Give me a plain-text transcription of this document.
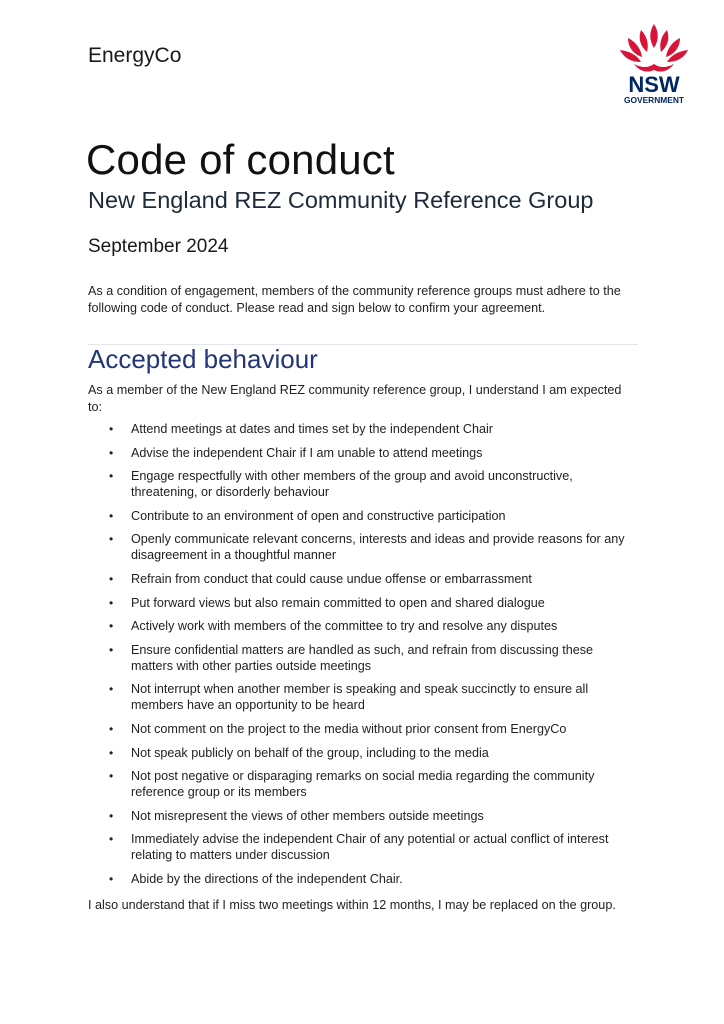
EnergyCo
NSW
GOVERNMENT
Code of conduct
New England REZ Community Reference Group
September 2024

As a condition of engagement, members of the community reference groups must adhere to the following code of conduct. Please read and sign below to confirm your agreement.

Accepted behaviour

As a member of the New England REZ community reference group, I understand I am expected to:

• Attend meetings at dates and times set by the independent Chair
• Advise the independent Chair if I am unable to attend meetings
• Engage respectfully with other members of the group and avoid unconstructive, threatening, or disorderly behaviour
• Contribute to an environment of open and constructive participation
• Openly communicate relevant concerns, interests and ideas and provide reasons for any disagreement in a thoughtful manner
• Refrain from conduct that could cause undue offense or embarrassment
• Put forward views but also remain committed to open and shared dialogue
• Actively work with members of the committee to try and resolve any disputes
• Ensure confidential matters are handled as such, and refrain from discussing these matters with other parties outside meetings
• Not interrupt when another member is speaking and speak succinctly to ensure all members have an opportunity to be heard
• Not comment on the project to the media without prior consent from EnergyCo
• Not speak publicly on behalf of the group, including to the media
• Not post negative or disparaging remarks on social media regarding the community reference group or its members
• Not misrepresent the views of other members outside meetings
• Immediately advise the independent Chair of any potential or actual conflict of interest relating to matters under discussion
• Abide by the directions of the independent Chair.

I also understand that if I miss two meetings within 12 months, I may be replaced on the group.
